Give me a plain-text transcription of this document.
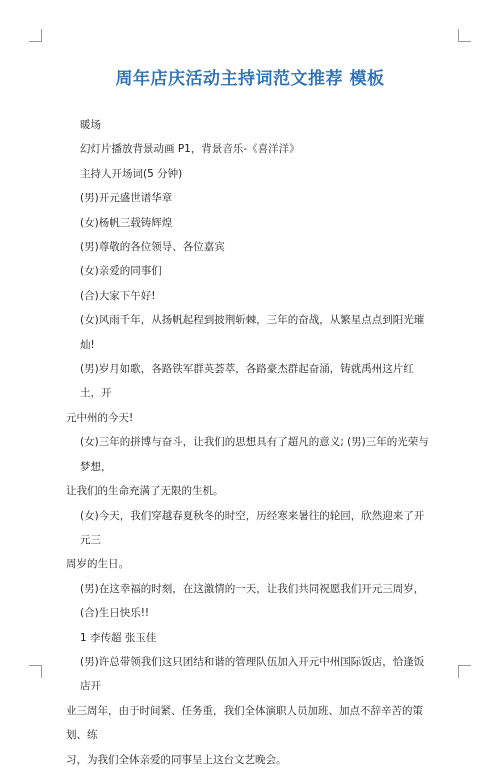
周年店庆活动主持词范文推荐 模板

暖场

幻灯片播放背景动画 P1，背景音乐-《喜洋洋》

主持人开场词(5 分钟)

(男)开元盛世谱华章

(女)杨帆三载铸辉煌

(男)尊敬的各位领导、各位嘉宾

(女)亲爱的同事们

(合)大家下午好!

(女)风雨千年，从扬帆起程到披荆斩棘，三年的奋战，从繁星点点到阳光璀灿!

(男)岁月如歌，各路铁军群英荟萃，各路豪杰群起奋涌，铸就禹州这片红土，开
元中州的今天!

(女)三年的拼博与奋斗，让我们的思想具有了超凡的意义; (男)三年的光荣与梦想，
让我们的生命充满了无限的生机。

(女)今天，我们穿越春夏秋冬的时空，历经寒来暑往的轮回，欣然迎来了开元三
周岁的生日。

(男)在这幸福的时刻，在这激情的一天，让我们共同祝愿我们开元三周岁，

(合)生日快乐!!

1 李传超 张玉佳

(男)许总带领我们这只团结和谐的管理队伍加入开元中州国际饭店，恰逢饭店开
业三周年，由于时间紧、任务重，我们全体演职人员加班、加点不辞辛苦的策划、练
习，为我们全体亲爱的同事呈上这台文艺晚会。
